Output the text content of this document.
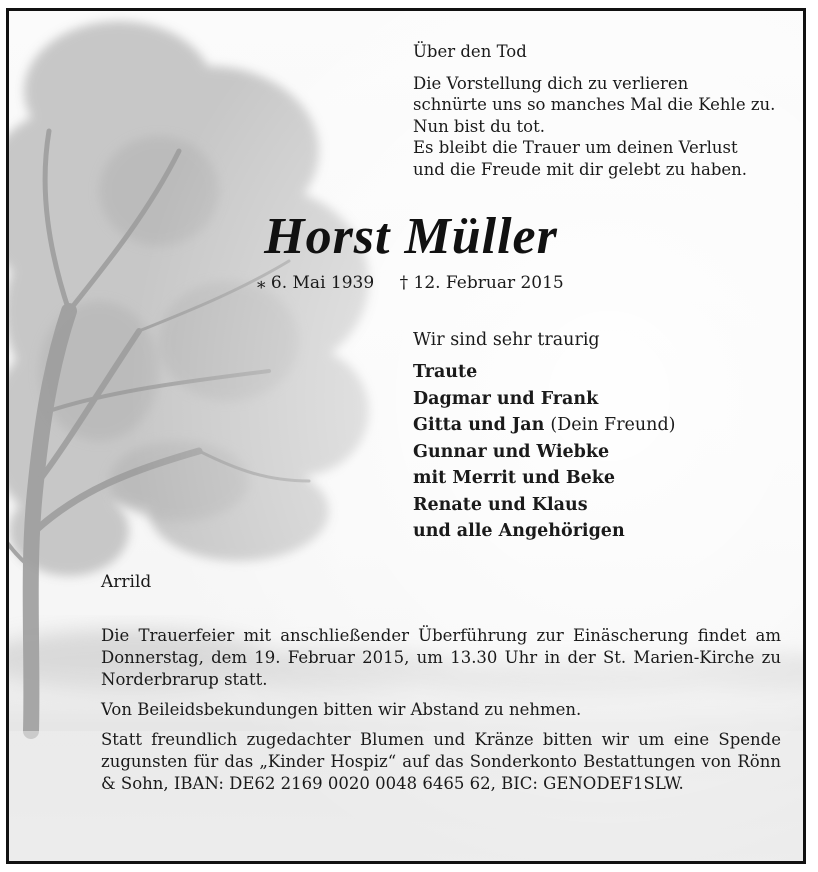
Über den Tod
Die Vorstellung dich zu verlieren
schnürte uns so manches Mal die Kehle zu.
Nun bist du tot.
Es bleibt die Trauer um deinen Verlust
und die Freude mit dir gelebt zu haben.
Horst Müller
⁎ 6. Mai 1939 † 12. Februar 2015
Wir sind sehr traurig
Traute
Dagmar und Frank
Gitta und Jan (Dein Freund)
Gunnar und Wiebke
mit Merrit und Beke
Renate und Klaus
und alle Angehörigen
Arrild

Die Trauerfeier mit anschließender Überführung zur Einäscherung findet am Donnerstag, dem 19. Februar 2015, um 13.30 Uhr in der St. Marien-Kirche zu Norderbrarup statt.

Von Beileidsbekundungen bitten wir Abstand zu nehmen.

Statt freundlich zugedachter Blumen und Kränze bitten wir um eine Spende zugunsten für das „Kinder Hospiz“ auf das Sonderkonto Bestattungen von Rönn & Sohn, IBAN: DE62 2169 0020 0048 6465 62, BIC: GENODEF1SLW.
